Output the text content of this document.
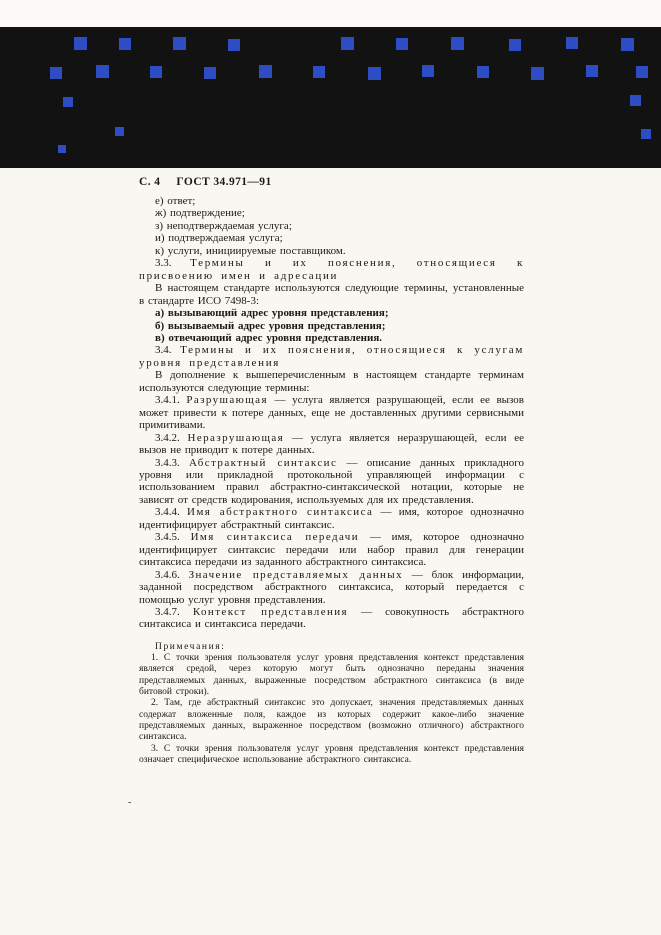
С. 4 ГОСТ 34.971—91

е) ответ;

ж) подтверждение;

з) неподтверждаемая услуга;

и) подтверждаемая услуга;

к) услуги, инициируемые поставщиком.

3.3. Термины и их пояснения, относящиеся к присвоению имен и адресации

В настоящем стандарте используются следующие термины, установленные в стандарте ИСО 7498-3:

а) вызывающий адрес уровня представления;

б) вызываемый адрес уровня представления;

в) отвечающий адрес уровня представления.

3.4. Термины и их пояснения, относящиеся к услугам уровня представления

В дополнение к вышеперечисленным в настоящем стандарте терминам используются следующие термины:

3.4.1. Разрушающая — услуга является разрушающей, если ее вызов может привести к потере данных, еще не доставленных другими сервисными примитивами.

3.4.2. Неразрушающая — услуга является неразрушающей, если ее вызов не приводит к потере данных.

3.4.3. Абстрактный синтаксис — описание данных прикладного уровня или прикладной протокольной управляющей информации с использованием правил абстрактно-синтаксической нотации, которые не зависят от средств кодирования, используемых для их представления.

3.4.4. Имя абстрактного синтаксиса — имя, которое однозначно идентифицирует абстрактный синтаксис.

3.4.5. Имя синтаксиса передачи — имя, которое однозначно идентифицирует синтаксис передачи или набор правил для генерации синтаксиса передачи из заданного абстрактного синтаксиса.

3.4.6. Значение представляемых данных — блок информации, заданной посредством абстрактного синтаксиса, который передается с помощью услуг уровня представления.

3.4.7. Контекст представления — совокупность абстрактного синтаксиса и синтаксиса передачи.

Примечания:

1. С точки зрения пользователя услуг уровня представления контекст представления является средой, через которую могут быть однозначно переданы значения представляемых данных, выраженные посредством абстрактного синтаксиса (в виде битовой строки).

2. Там, где абстрактный синтаксис это допускает, значения представляемых данных содержат вложенные поля, каждое из которых содержит какое-либо значение представляемых данных, выраженное посредством (возможно отличного) абстрактного синтаксиса.

3. С точки зрения пользователя услуг уровня представления контекст представления означает специфическое использование абстрактного синтаксиса.

-
